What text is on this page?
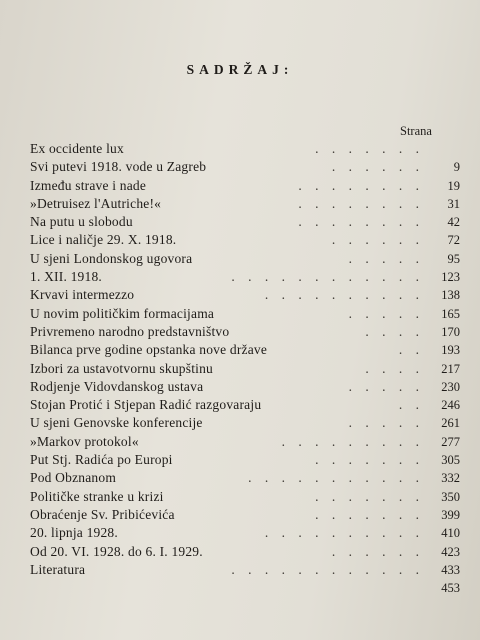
SADRŽAJ:
Strana
Ex occidente lux	. . . . . . .
Svi putevi 1918. vode u Zagreb	. . . . . .	9
Između strave i nade	. . . . . . . .	19
»Detruisez l'Autriche!«	. . . . . . . .	31
Na putu u slobodu	. . . . . . . .	42
Lice i naličje 29. X. 1918.	. . . . . .	72
U sjeni Londonskog ugovora	. . . . .	95
1. XII. 1918.	. . . . . . . . . . . .	123
Krvavi intermezzo	. . . . . . . . . .	138
U novim političkim formacijama	. . . . .	165
Privremeno narodno predstavništvo	. . . .	170
Bilanca prve godine opstanka nove države	. .	193
Izbori za ustavotvornu skupštinu	. . . .	217
Rodjenje Vidovdanskog ustava	. . . . .	230
Stojan Protić i Stjepan Radić razgovaraju	. .	246
U sjeni Genovske konferencije	. . . . .	261
»Markov protokol«	. . . . . . . . .	277
Put Stj. Radića po Europi	. . . . . . .	305
Pod Obznanom	. . . . . . . . . . .	332
Političke stranke u krizi	. . . . . . .	350
Obraćenje Sv. Pribićevića	. . . . . . .	399
20. lipnja 1928.	. . . . . . . . . .	410
Od 20. VI. 1928. do 6. I. 1929.	. . . . . .	423
Literatura	. . . . . . . . . . . .	433
453
